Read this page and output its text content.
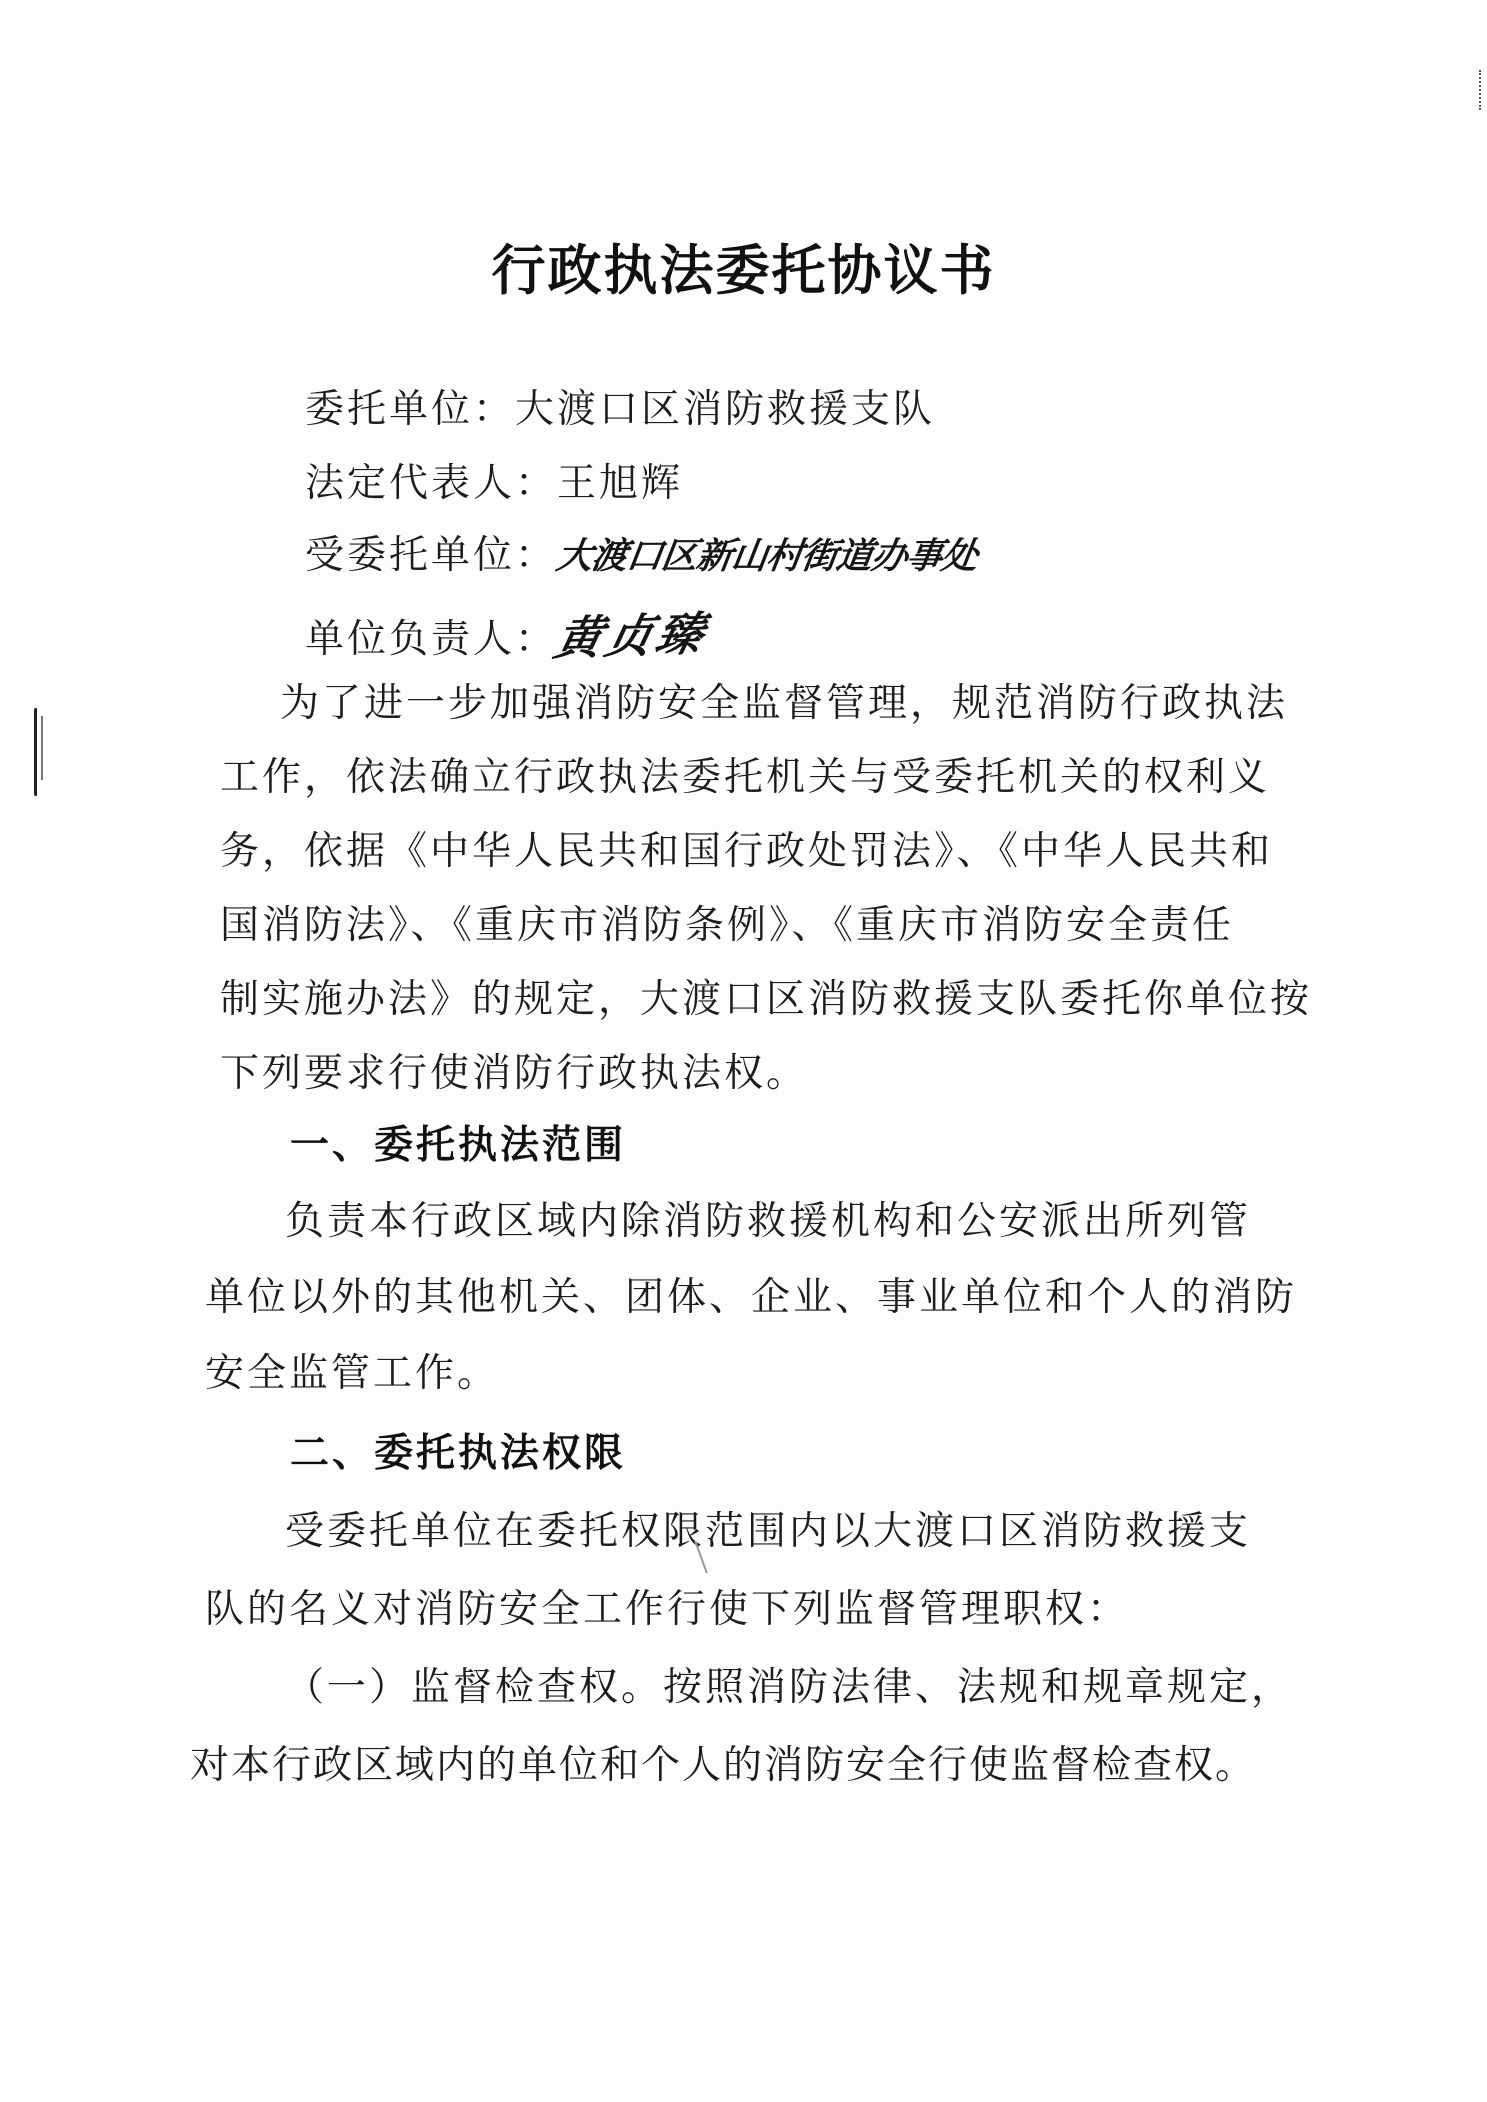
行政执法委托协议书
委托单位：大渡口区消防救援支队
法定代表人：王旭辉
受委托单位：大渡口区新山村街道办事处
单位负责人：黄贞臻
为了进一步加强消防安全监督管理，规范消防行政执法
工作，依法确立行政执法委托机关与受委托机关的权利义
务，依据《中华人民共和国行政处罚法》、《中华人民共和
国消防法》、《重庆市消防条例》、《重庆市消防安全责任
制实施办法》的规定，大渡口区消防救援支队委托你单位按
下列要求行使消防行政执法权。
一、委托执法范围
负责本行政区域内除消防救援机构和公安派出所列管
单位以外的其他机关、团体、企业、事业单位和个人的消防
安全监管工作。
二、委托执法权限
受委托单位在委托权限范围内以大渡口区消防救援支
队的名义对消防安全工作行使下列监督管理职权：
（一）监督检查权。按照消防法律、法规和规章规定，
对本行政区域内的单位和个人的消防安全行使监督检查权。
